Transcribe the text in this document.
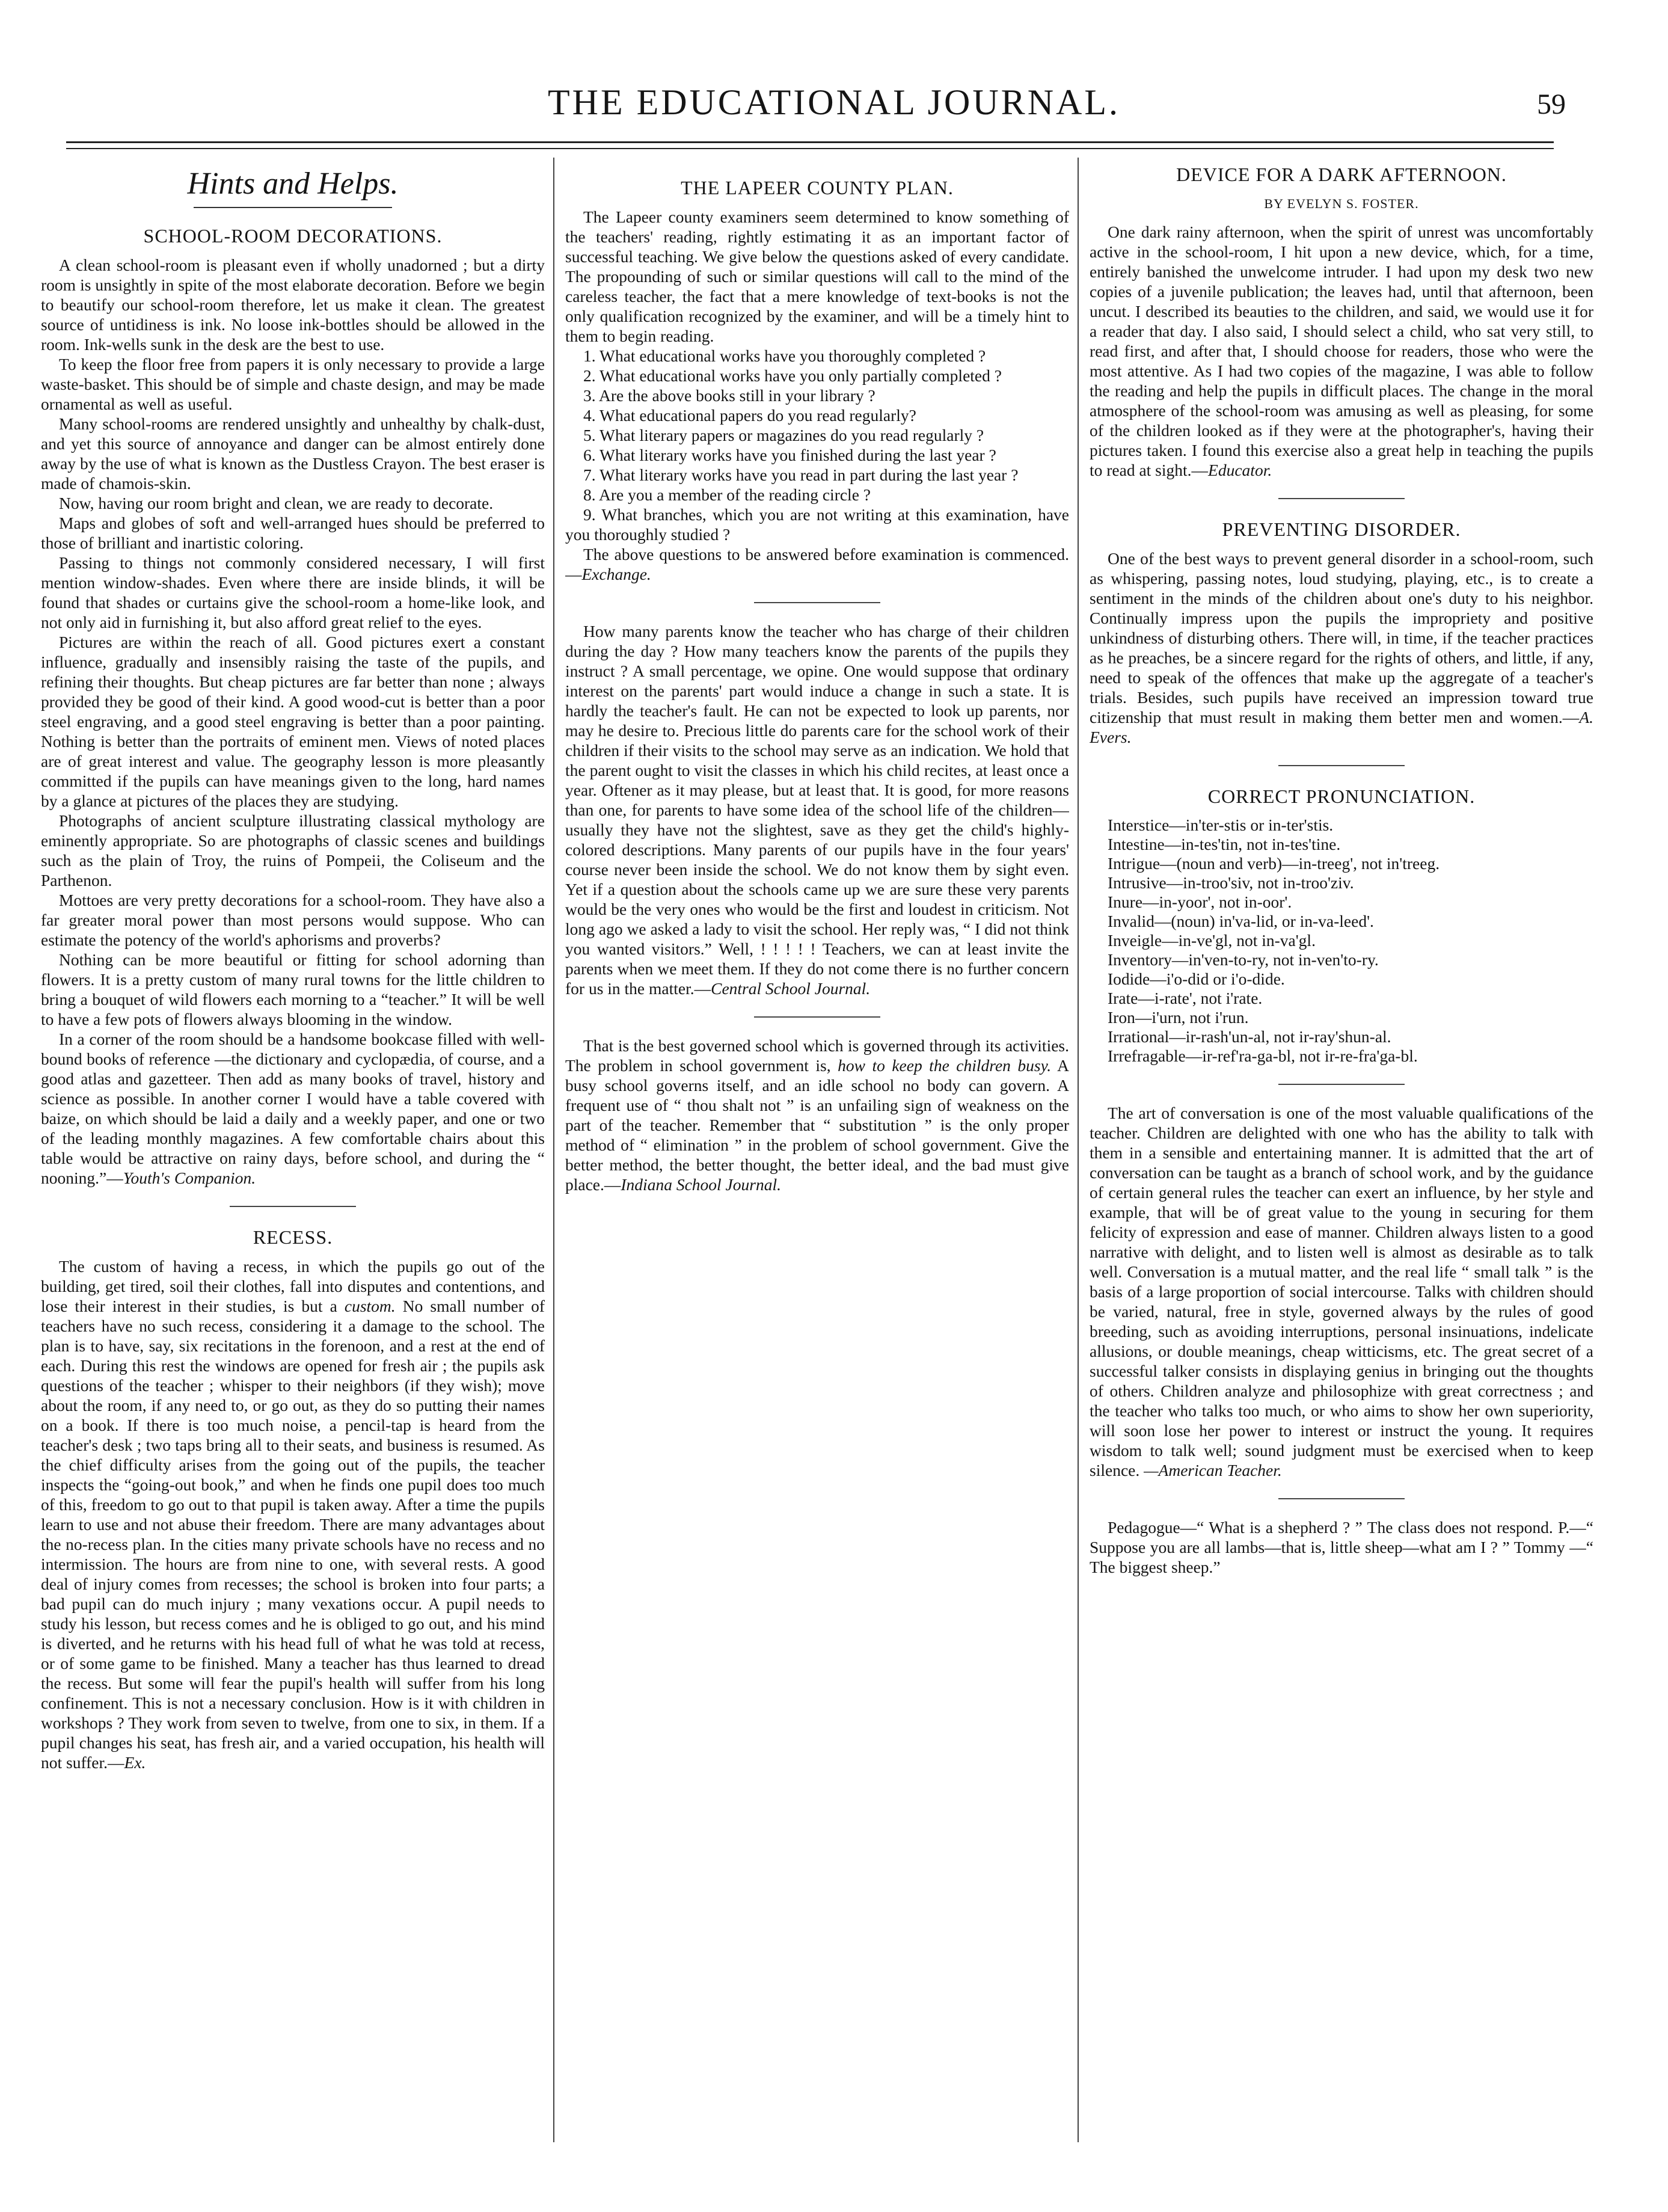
THE EDUCATIONAL JOURNAL.	59
Hints and Helps.
SCHOOL-ROOM DECORATIONS.

A clean school-room is pleasant even if wholly unadorned ; but a dirty room is unsightly in spite of the most elaborate decoration. Before we begin to beautify our school-room therefore, let us make it clean. The greatest source of untidiness is ink. No loose ink-bottles should be allowed in the room. Ink-wells sunk in the desk are the best to use.

To keep the floor free from papers it is only necessary to provide a large waste-basket. This should be of simple and chaste design, and may be made ornamental as well as useful.

Many school-rooms are rendered unsightly and unhealthy by chalk-dust, and yet this source of annoyance and danger can be almost entirely done away by the use of what is known as the Dustless Crayon. The best eraser is made of chamois-skin.

Now, having our room bright and clean, we are ready to decorate.

Maps and globes of soft and well-arranged hues should be preferred to those of brilliant and inartistic coloring.

Passing to things not commonly considered necessary, I will first mention window-shades. Even where there are inside blinds, it will be found that shades or curtains give the school-room a home-like look, and not only aid in furnishing it, but also afford great relief to the eyes.

Pictures are within the reach of all. Good pictures exert a constant influence, gradually and insensibly raising the taste of the pupils, and refining their thoughts. But cheap pictures are far better than none ; always provided they be good of their kind. A good wood-cut is better than a poor steel engraving, and a good steel engraving is better than a poor painting. Nothing is better than the portraits of eminent men. Views of noted places are of great interest and value. The geography lesson is more pleasantly committed if the pupils can have meanings given to the long, hard names by a glance at pictures of the places they are studying.

Photographs of ancient sculpture illustrating classical mythology are eminently appropriate. So are photographs of classic scenes and buildings such as the plain of Troy, the ruins of Pompeii, the Coliseum and the Parthenon.

Mottoes are very pretty decorations for a school-room. They have also a far greater moral power than most persons would suppose. Who can estimate the potency of the world's aphorisms and proverbs?

Nothing can be more beautiful or fitting for school adorning than flowers. It is a pretty custom of many rural towns for the little children to bring a bouquet of wild flowers each morning to a “teacher.” It will be well to have a few pots of flowers always blooming in the window.

In a corner of the room should be a handsome bookcase filled with well-bound books of reference —the dictionary and cyclopædia, of course, and a good atlas and gazetteer. Then add as many books of travel, history and science as possible. In another corner I would have a table covered with baize, on which should be laid a daily and a weekly paper, and one or two of the leading monthly magazines. A few comfortable chairs about this table would be attractive on rainy days, before school, and during the “ nooning.”—Youth's Companion.

RECESS.

The custom of having a recess, in which the pupils go out of the building, get tired, soil their clothes, fall into disputes and contentions, and lose their interest in their studies, is but a custom. No small number of teachers have no such recess, considering it a damage to the school. The plan is to have, say, six recitations in the forenoon, and a rest at the end of each. During this rest the windows are opened for fresh air ; the pupils ask questions of the teacher ; whisper to their neighbors (if they wish); move about the room, if any need to, or go out, as they do so putting their names on a book. If there is too much noise, a pencil-tap is heard from the teacher's desk ; two taps bring all to their seats, and business is resumed. As the chief difficulty arises from the going out of the pupils, the teacher inspects the “going-out book,” and when he finds one pupil does too much of this, freedom to go out to that pupil is taken away. After a time the pupils learn to use and not abuse their freedom. There are many advantages about the no-recess plan. In the cities many private schools have no recess and no intermission. The hours are from nine to one, with several rests. A good deal of injury comes from recesses; the school is broken into four parts; a bad pupil can do much injury ; many vexations occur. A pupil needs to study his lesson, but recess comes and he is obliged to go out, and his mind is diverted, and he returns with his head full of what he was told at recess, or of some game to be finished. Many a teacher has thus learned to dread the recess. But some will fear the pupil's health will suffer from his long confinement. This is not a necessary conclusion. How is it with children in workshops ? They work from seven to twelve, from one to six, in them. If a pupil changes his seat, has fresh air, and a varied occupation, his health will not suffer.—Ex.

THE LAPEER COUNTY PLAN.

The Lapeer county examiners seem determined to know something of the teachers' reading, rightly estimating it as an important factor of successful teaching. We give below the questions asked of every candidate. The propounding of such or similar questions will call to the mind of the careless teacher, the fact that a mere knowledge of text-books is not the only qualification recognized by the examiner, and will be a timely hint to them to begin reading.

1. What educational works have you thoroughly completed ?

2. What educational works have you only partially completed ?

3. Are the above books still in your library ?

4. What educational papers do you read regularly?

5. What literary papers or magazines do you read regularly ?

6. What literary works have you finished during the last year ?

7. What literary works have you read in part during the last year ?

8. Are you a member of the reading circle ?

9. What branches, which you are not writing at this examination, have you thoroughly studied ?

The above questions to be answered before examination is commenced.—Exchange.

How many parents know the teacher who has charge of their children during the day ? How many teachers know the parents of the pupils they instruct ? A small percentage, we opine. One would suppose that ordinary interest on the parents' part would induce a change in such a state. It is hardly the teacher's fault. He can not be expected to look up parents, nor may he desire to. Precious little do parents care for the school work of their children if their visits to the school may serve as an indication. We hold that the parent ought to visit the classes in which his child recites, at least once a year. Oftener as it may please, but at least that. It is good, for more reasons than one, for parents to have some idea of the school life of the children—usually they have not the slightest, save as they get the child's highly-colored descriptions. Many parents of our pupils have in the four years' course never been inside the school. We do not know them by sight even. Yet if a question about the schools came up we are sure these very parents would be the very ones who would be the first and loudest in criticism. Not long ago we asked a lady to visit the school. Her reply was, “ I did not think you wanted visitors.” Well, ! ! ! ! ! Teachers, we can at least invite the parents when we meet them. If they do not come there is no further concern for us in the matter.—Central School Journal.

That is the best governed school which is governed through its activities. The problem in school government is, how to keep the children busy. A busy school governs itself, and an idle school no body can govern. A frequent use of “ thou shalt not ” is an unfailing sign of weakness on the part of the teacher. Remember that “ substitution ” is the only proper method of “ elimination ” in the problem of school government. Give the better method, the better thought, the better ideal, and the bad must give place.—Indiana School Journal.

DEVICE FOR A DARK AFTERNOON.
BY EVELYN S. FOSTER.

One dark rainy afternoon, when the spirit of unrest was uncomfortably active in the school-room, I hit upon a new device, which, for a time, entirely banished the unwelcome intruder. I had upon my desk two new copies of a juvenile publication; the leaves had, until that afternoon, been uncut. I described its beauties to the children, and said, we would use it for a reader that day. I also said, I should select a child, who sat very still, to read first, and after that, I should choose for readers, those who were the most attentive. As I had two copies of the magazine, I was able to follow the reading and help the pupils in difficult places. The change in the moral atmosphere of the school-room was amusing as well as pleasing, for some of the children looked as if they were at the photographer's, having their pictures taken. I found this exercise also a great help in teaching the pupils to read at sight.—Educator.

PREVENTING DISORDER.

One of the best ways to prevent general disorder in a school-room, such as whispering, passing notes, loud studying, playing, etc., is to create a sentiment in the minds of the children about one's duty to his neighbor. Continually impress upon the pupils the impropriety and positive unkindness of disturbing others. There will, in time, if the teacher practices as he preaches, be a sincere regard for the rights of others, and little, if any, need to speak of the offences that make up the aggregate of a teacher's trials. Besides, such pupils have received an impression toward true citizenship that must result in making them better men and women.—A. Evers.

CORRECT PRONUNCIATION.
Interstice—in'ter-stis or in-ter'stis.
Intestine—in-tes'tin, not in-tes'tine.
Intrigue—(noun and verb)—in-treeg', not in'treeg.
Intrusive—in-troo'siv, not in-troo'ziv.
Inure—in-yoor', not in-oor'.
Invalid—(noun) in'va-lid, or in-va-leed'.
Inveigle—in-ve'gl, not in-va'gl.
Inventory—in'ven-to-ry, not in-ven'to-ry.
Iodide—i'o-did or i'o-dide.
Irate—i-rate', not i'rate.
Iron—i'urn, not i'run.
Irrational—ir-rash'un-al, not ir-ray'shun-al.
Irrefragable—ir-ref'ra-ga-bl, not ir-re-fra'ga-bl.

The art of conversation is one of the most valuable qualifications of the teacher. Children are delighted with one who has the ability to talk with them in a sensible and entertaining manner. It is admitted that the art of conversation can be taught as a branch of school work, and by the guidance of certain general rules the teacher can exert an influence, by her style and example, that will be of great value to the young in securing for them felicity of expression and ease of manner. Children always listen to a good narrative with delight, and to listen well is almost as desirable as to talk well. Conversation is a mutual matter, and the real life “ small talk ” is the basis of a large proportion of social intercourse. Talks with children should be varied, natural, free in style, governed always by the rules of good breeding, such as avoiding interruptions, personal insinuations, indelicate allusions, or double meanings, cheap witticisms, etc. The great secret of a successful talker consists in displaying genius in bringing out the thoughts of others. Children analyze and philosophize with great correctness ; and the teacher who talks too much, or who aims to show her own superiority, will soon lose her power to interest or instruct the young. It requires wisdom to talk well; sound judgment must be exercised when to keep silence. —American Teacher.

Pedagogue—“ What is a shepherd ? ” The class does not respond. P.—“ Suppose you are all lambs—that is, little sheep—what am I ? ” Tommy —“ The biggest sheep.”
